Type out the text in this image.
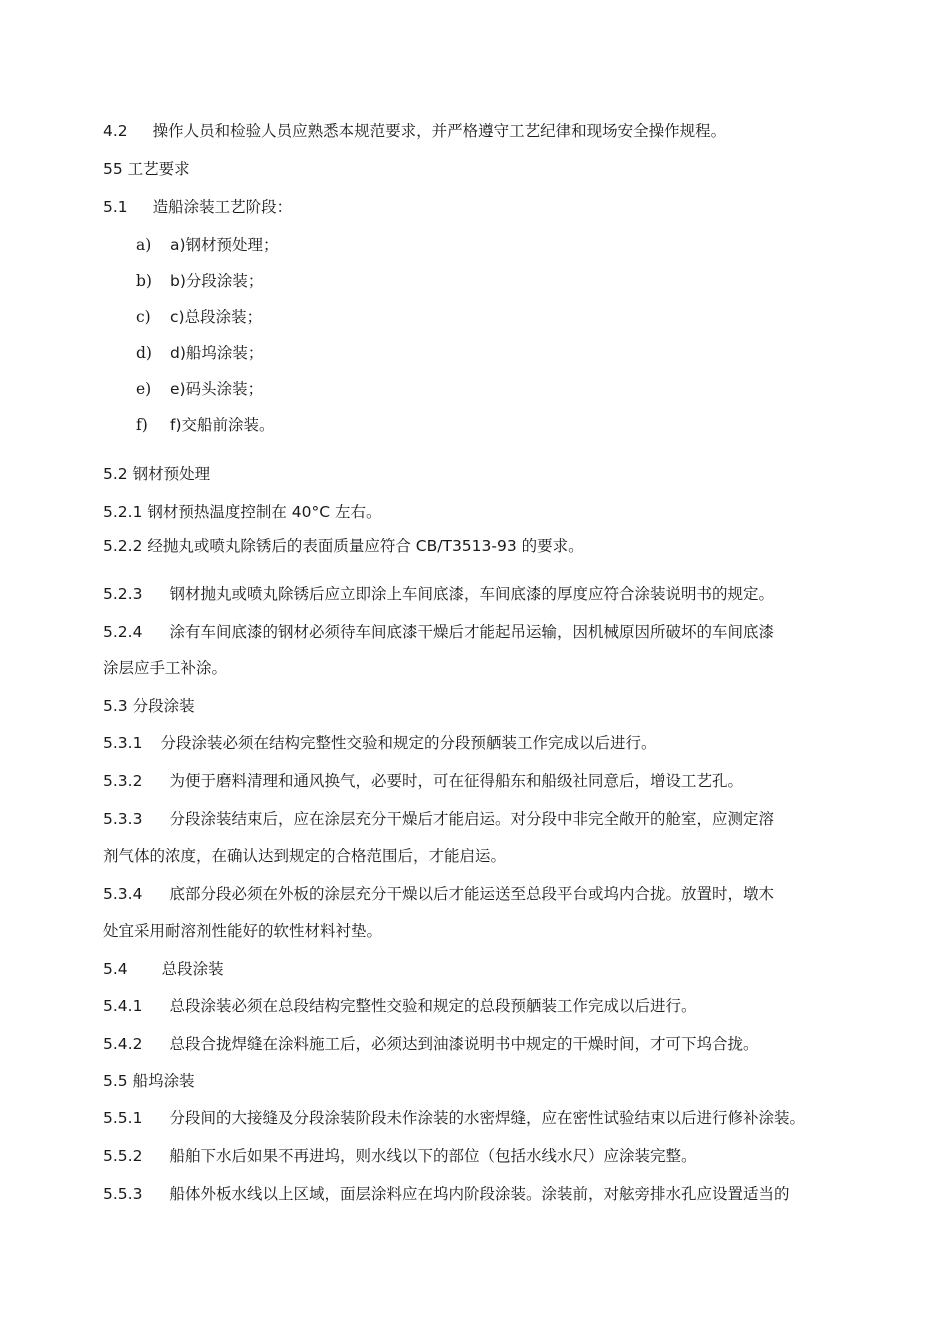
4.2 操作人员和检验人员应熟悉本规范要求，并严格遵守工艺纪律和现场安全操作规程。
55 工艺要求
5.1 造船涂装工艺阶段：
a) a)钢材预处理；
b) b)分段涂装；
c) c)总段涂装；
d) d)船坞涂装；
e) e)码头涂装；
f) f)交船前涂装。
5.2 钢材预处理
5.2.1 钢材预热温度控制在 40°C 左右。
5.2.2 经抛丸或喷丸除锈后的表面质量应符合 CB/T3513-93 的要求。
5.2.3 钢材抛丸或喷丸除锈后应立即涂上车间底漆，车间底漆的厚度应符合涂装说明书的规定。
5.2.4 涂有车间底漆的钢材必须待车间底漆干燥后才能起吊运输，因机械原因所破坏的车间底漆
涂层应手工补涂。
5.3 分段涂装
5.3.1 分段涂装必须在结构完整性交验和规定的分段预舾装工作完成以后进行。
5.3.2 为便于磨料清理和通风换气，必要时，可在征得船东和船级社同意后，增设工艺孔。
5.3.3 分段涂装结束后，应在涂层充分干燥后才能启运。对分段中非完全敞开的舱室，应测定溶
剂气体的浓度，在确认达到规定的合格范围后，才能启运。
5.3.4 底部分段必须在外板的涂层充分干燥以后才能运送至总段平台或坞内合拢。放置时，墩木
处宜采用耐溶剂性能好的软性材料衬垫。
5.4 总段涂装
5.4.1 总段涂装必须在总段结构完整性交验和规定的总段预舾装工作完成以后进行。
5.4.2 总段合拢焊缝在涂料施工后，必须达到油漆说明书中规定的干燥时间，才可下坞合拢。
5.5 船坞涂装
5.5.1 分段间的大接缝及分段涂装阶段未作涂装的水密焊缝，应在密性试验结束以后进行修补涂装。
5.5.2 船舶下水后如果不再进坞，则水线以下的部位（包括水线水尺）应涂装完整。
5.5.3 船体外板水线以上区域，面层涂料应在坞内阶段涂装。涂装前，对舷旁排水孔应设置适当的
